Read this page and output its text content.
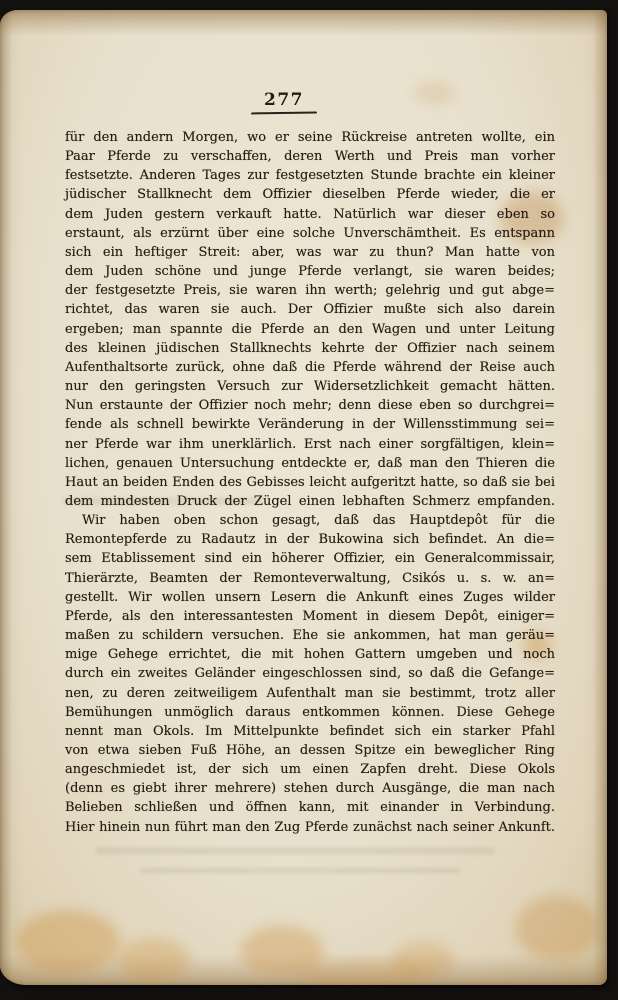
277
für den andern Morgen, wo er seine Rückreise antreten wollte, ein
Paar Pferde zu verschaffen, deren Werth und Preis man vorher
festsetzte. Anderen Tages zur festgesetzten Stunde brachte ein kleiner
jüdischer Stallknecht dem Offizier dieselben Pferde wieder, die er
dem Juden gestern verkauft hatte. Natürlich war dieser eben so
erstaunt, als erzürnt über eine solche Unverschämtheit. Es entspann
sich ein heftiger Streit: aber, was war zu thun? Man hatte von
dem Juden schöne und junge Pferde verlangt, sie waren beides;
der festgesetzte Preis, sie waren ihn werth; gelehrig und gut abge=
richtet, das waren sie auch. Der Offizier mußte sich also darein
ergeben; man spannte die Pferde an den Wagen und unter Leitung
des kleinen jüdischen Stallknechts kehrte der Offizier nach seinem
Aufenthaltsorte zurück, ohne daß die Pferde während der Reise auch
nur den geringsten Versuch zur Widersetzlichkeit gemacht hätten.
Nun erstaunte der Offizier noch mehr; denn diese eben so durchgrei=
fende als schnell bewirkte Veränderung in der Willensstimmung sei=
ner Pferde war ihm unerklärlich. Erst nach einer sorgfältigen, klein=
lichen, genauen Untersuchung entdeckte er, daß man den Thieren die
Haut an beiden Enden des Gebisses leicht aufgeritzt hatte, so daß sie bei
dem mindesten Druck der Zügel einen lebhaften Schmerz empfanden.
Wir haben oben schon gesagt, daß das Hauptdepôt für die
Remontepferde zu Radautz in der Bukowina sich befindet. An die=
sem Etablissement sind ein höherer Offizier, ein Generalcommissair,
Thierärzte, Beamten der Remonteverwaltung, Csikós u. s. w. an=
gestellt. Wir wollen unsern Lesern die Ankunft eines Zuges wilder
Pferde, als den interessantesten Moment in diesem Depôt, einiger=
maßen zu schildern versuchen. Ehe sie ankommen, hat man geräu=
mige Gehege errichtet, die mit hohen Gattern umgeben und noch
durch ein zweites Geländer eingeschlossen sind, so daß die Gefange=
nen, zu deren zeitweiligem Aufenthalt man sie bestimmt, trotz aller
Bemühungen unmöglich daraus entkommen können. Diese Gehege
nennt man Okols. Im Mittelpunkte befindet sich ein starker Pfahl
von etwa sieben Fuß Höhe, an dessen Spitze ein beweglicher Ring
angeschmiedet ist, der sich um einen Zapfen dreht. Diese Okols
(denn es giebt ihrer mehrere) stehen durch Ausgänge, die man nach
Belieben schließen und öffnen kann, mit einander in Verbindung.
Hier hinein nun führt man den Zug Pferde zunächst nach seiner Ankunft.
